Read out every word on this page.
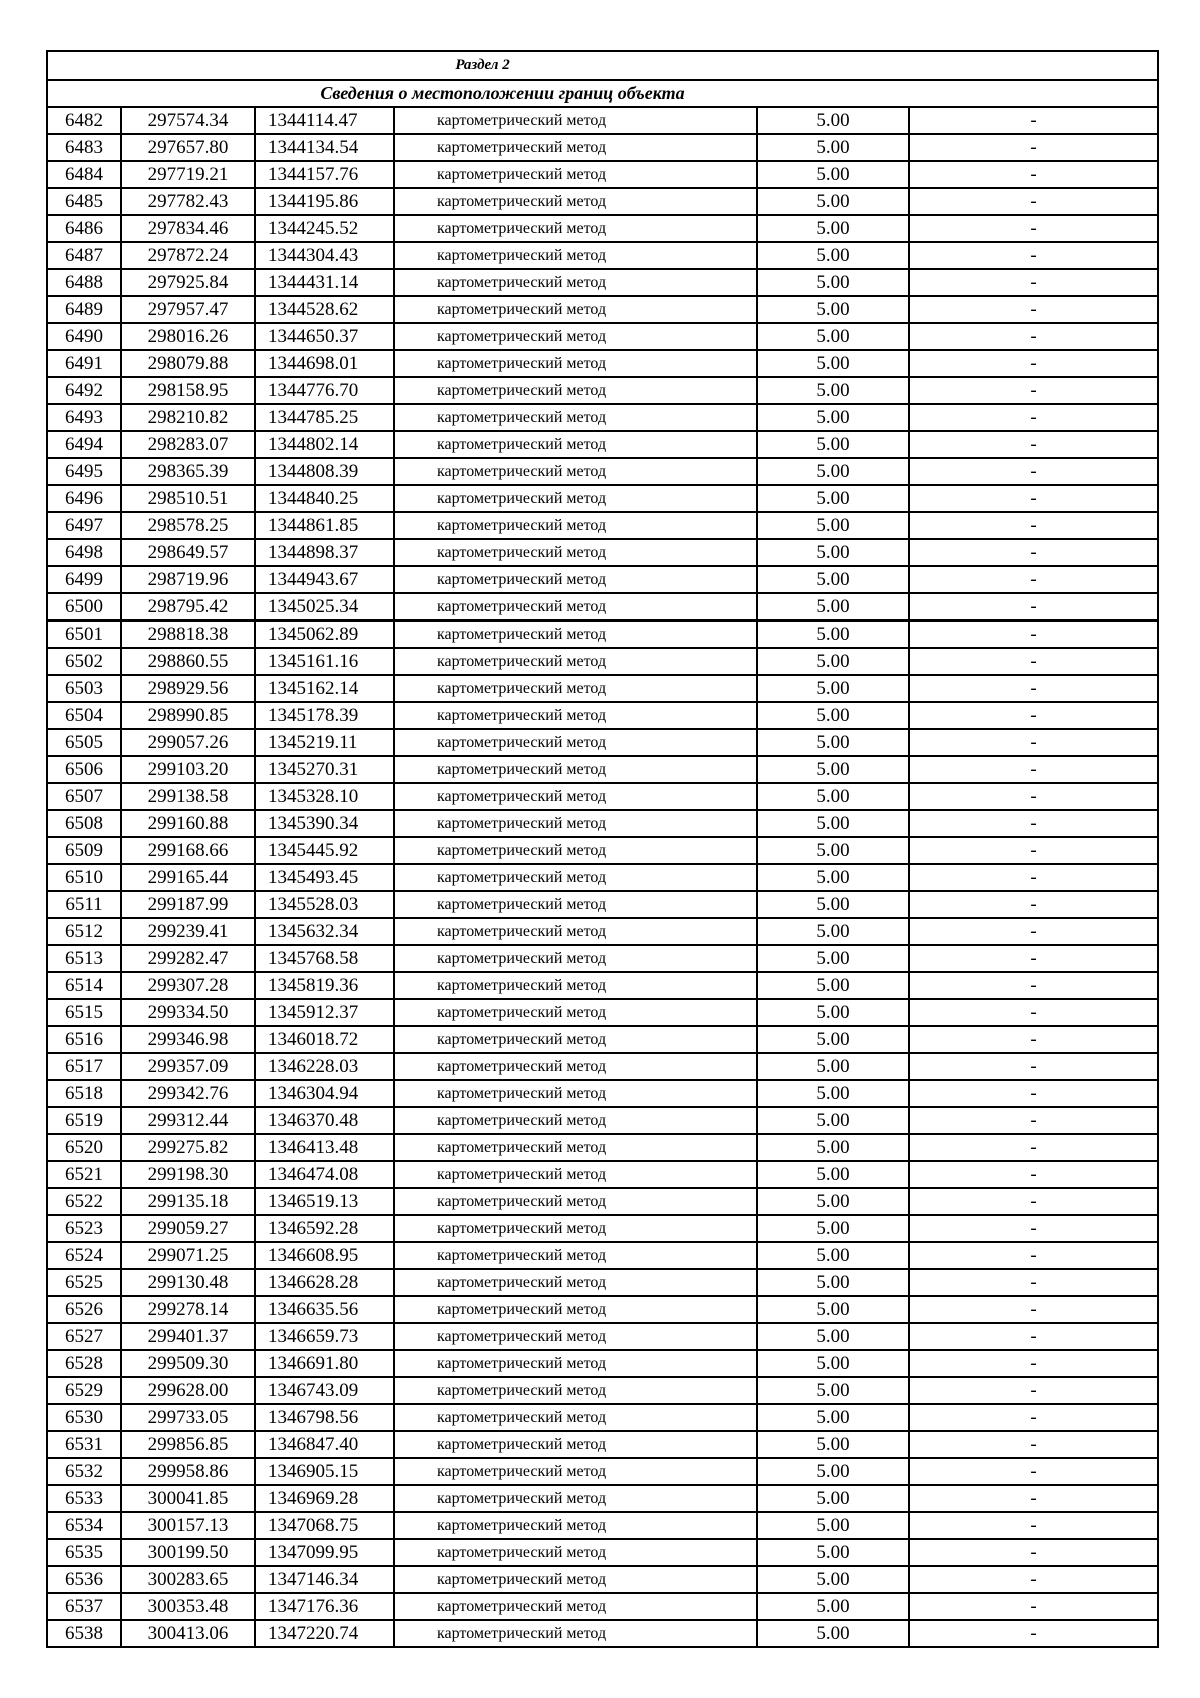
Раздел 2					
Сведения о местоположении границ объекта					
6482	297574.34	1344114.47	картометрический метод	5.00	-
6483	297657.80	1344134.54	картометрический метод	5.00	-
6484	297719.21	1344157.76	картометрический метод	5.00	-
6485	297782.43	1344195.86	картометрический метод	5.00	-
6486	297834.46	1344245.52	картометрический метод	5.00	-
6487	297872.24	1344304.43	картометрический метод	5.00	-
6488	297925.84	1344431.14	картометрический метод	5.00	-
6489	297957.47	1344528.62	картометрический метод	5.00	-
6490	298016.26	1344650.37	картометрический метод	5.00	-
6491	298079.88	1344698.01	картометрический метод	5.00	-
6492	298158.95	1344776.70	картометрический метод	5.00	-
6493	298210.82	1344785.25	картометрический метод	5.00	-
6494	298283.07	1344802.14	картометрический метод	5.00	-
6495	298365.39	1344808.39	картометрический метод	5.00	-
6496	298510.51	1344840.25	картометрический метод	5.00	-
6497	298578.25	1344861.85	картометрический метод	5.00	-
6498	298649.57	1344898.37	картометрический метод	5.00	-
6499	298719.96	1344943.67	картометрический метод	5.00	-
6500	298795.42	1345025.34	картометрический метод	5.00	-
6501	298818.38	1345062.89	картометрический метод	5.00	-
6502	298860.55	1345161.16	картометрический метод	5.00	-
6503	298929.56	1345162.14	картометрический метод	5.00	-
6504	298990.85	1345178.39	картометрический метод	5.00	-
6505	299057.26	1345219.11	картометрический метод	5.00	-
6506	299103.20	1345270.31	картометрический метод	5.00	-
6507	299138.58	1345328.10	картометрический метод	5.00	-
6508	299160.88	1345390.34	картометрический метод	5.00	-
6509	299168.66	1345445.92	картометрический метод	5.00	-
6510	299165.44	1345493.45	картометрический метод	5.00	-
6511	299187.99	1345528.03	картометрический метод	5.00	-
6512	299239.41	1345632.34	картометрический метод	5.00	-
6513	299282.47	1345768.58	картометрический метод	5.00	-
6514	299307.28	1345819.36	картометрический метод	5.00	-
6515	299334.50	1345912.37	картометрический метод	5.00	-
6516	299346.98	1346018.72	картометрический метод	5.00	-
6517	299357.09	1346228.03	картометрический метод	5.00	-
6518	299342.76	1346304.94	картометрический метод	5.00	-
6519	299312.44	1346370.48	картометрический метод	5.00	-
6520	299275.82	1346413.48	картометрический метод	5.00	-
6521	299198.30	1346474.08	картометрический метод	5.00	-
6522	299135.18	1346519.13	картометрический метод	5.00	-
6523	299059.27	1346592.28	картометрический метод	5.00	-
6524	299071.25	1346608.95	картометрический метод	5.00	-
6525	299130.48	1346628.28	картометрический метод	5.00	-
6526	299278.14	1346635.56	картометрический метод	5.00	-
6527	299401.37	1346659.73	картометрический метод	5.00	-
6528	299509.30	1346691.80	картометрический метод	5.00	-
6529	299628.00	1346743.09	картометрический метод	5.00	-
6530	299733.05	1346798.56	картометрический метод	5.00	-
6531	299856.85	1346847.40	картометрический метод	5.00	-
6532	299958.86	1346905.15	картометрический метод	5.00	-
6533	300041.85	1346969.28	картометрический метод	5.00	-
6534	300157.13	1347068.75	картометрический метод	5.00	-
6535	300199.50	1347099.95	картометрический метод	5.00	-
6536	300283.65	1347146.34	картометрический метод	5.00	-
6537	300353.48	1347176.36	картометрический метод	5.00	-
6538	300413.06	1347220.74	картометрический метод	5.00	-
